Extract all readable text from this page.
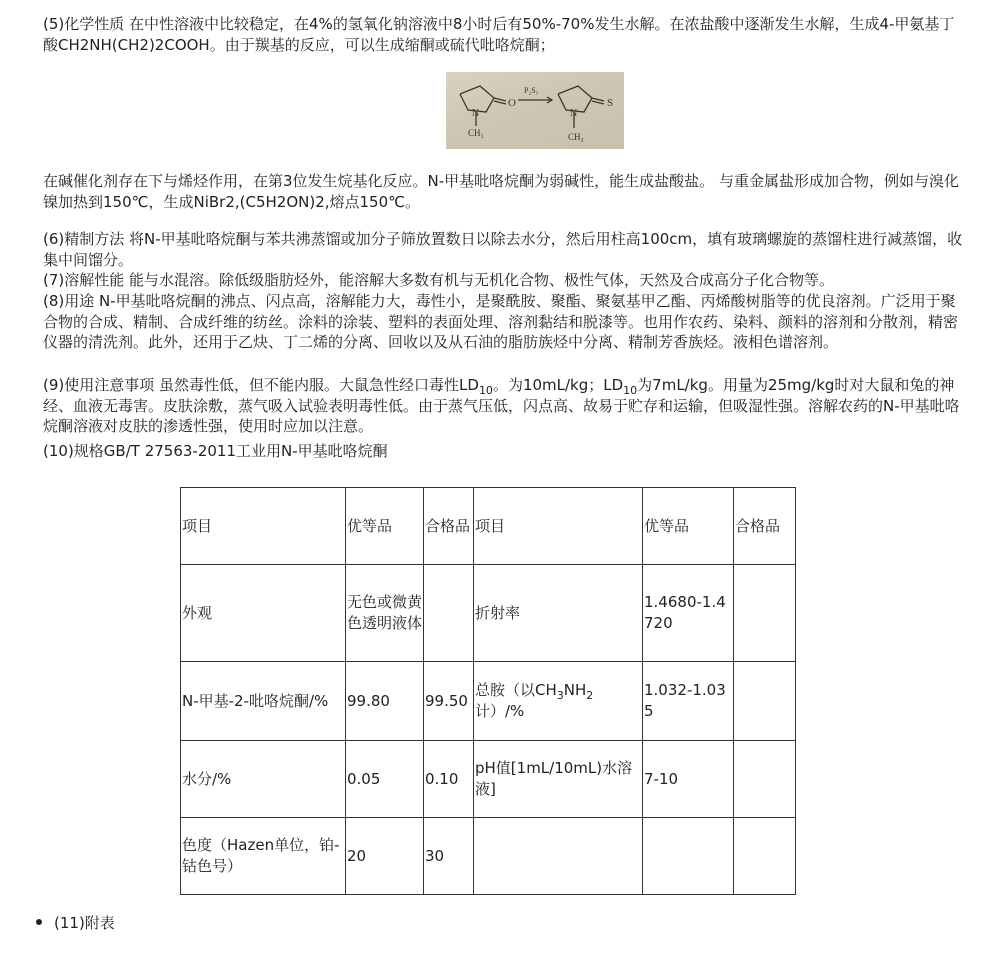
(5)化学性质 在中性溶液中比较稳定，在4%的氢氧化钠溶液中8小时后有50%-70%发生水解。在浓盐酸中逐渐发生水解，生成4-甲氨基丁酸CH2NH(CH2)2COOH。由于羰基的反应，可以生成缩酮或硫代吡咯烷酮；

O
N
CH₃
P₂S₅
S
N
CH₃

在碱催化剂存在下与烯烃作用，在第3位发生烷基化反应。N-甲基吡咯烷酮为弱碱性，能生成盐酸盐。 与重金属盐形成加合物，例如与溴化镍加热到150℃，生成NiBr2,(C5H2ON)2,熔点150℃。

(6)精制方法 将N-甲基吡咯烷酮与苯共沸蒸馏或加分子筛放置数日以除去水分，然后用柱高100cm，填有玻璃螺旋的蒸馏柱进行减蒸馏，收集中间馏分。

(7)溶解性能 能与水混溶。除低级脂肪烃外，能溶解大多数有机与无机化合物、极性气体，天然及合成高分子化合物等。

(8)用途 N-甲基吡咯烷酮的沸点、闪点高，溶解能力大，毒性小，是聚酰胺、聚酯、聚氨基甲乙酯、丙烯酸树脂等的优良溶剂。广泛用于聚合物的合成、精制、合成纤维的纺丝。涂料的涂装、塑料的表面处理、溶剂黏结和脱漆等。也用作农药、染料、颜料的溶剂和分散剂，精密仪器的清洗剂。此外，还用于乙炔、丁二烯的分离、回收以及从石油的脂肪族烃中分离、精制芳香族烃。液相色谱溶剂。

(9)使用注意事项 虽然毒性低，但不能内服。大鼠急性经口毒性$LD_{10}$。为10mL/kg；$LD_{10}$为7mL/kg。用量为25mg/kg时对大鼠和兔的神经、血液无毒害。皮肤涂敷，蒸气吸入试验表明毒性低。由于蒸气压低，闪点高、故易于贮存和运输，但吸湿性强。溶解农药的N-甲基吡咯烷酮溶液对皮肤的渗透性强，使用时应加以注意。

(10)规格GB/T 27563-2011工业用N-甲基吡咯烷酮

项目	优等品	合格品	项目	优等品	合格品
外观	无色或微黄色透明液体		折射率	1.4680-1.4720	
N-甲基-2-吡咯烷酮/%	99.80	99.50	总胺（以$CH_3NH_2$计）/%	1.032-1.035	
水分/%	0.05	0.10	pH值[1mL/10mL)水溶液]	7-10	
色度（Hazen单位，铂-钴色号）	20	30			
(11)附表
